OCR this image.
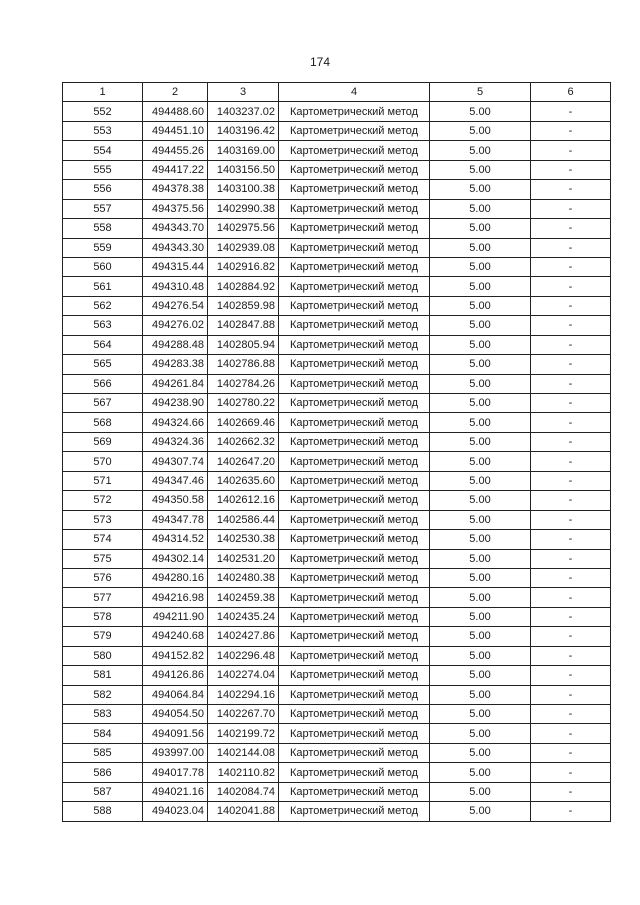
174
1	2	3	4	5	6
552	494488.60	1403237.02	Картометрический метод	5.00	-
553	494451.10	1403196.42	Картометрический метод	5.00	-
554	494455.26	1403169.00	Картометрический метод	5.00	-
555	494417.22	1403156.50	Картометрический метод	5.00	-
556	494378.38	1403100.38	Картометрический метод	5.00	-
557	494375.56	1402990.38	Картометрический метод	5.00	-
558	494343.70	1402975.56	Картометрический метод	5.00	-
559	494343.30	1402939.08	Картометрический метод	5.00	-
560	494315.44	1402916.82	Картометрический метод	5.00	-
561	494310.48	1402884.92	Картометрический метод	5.00	-
562	494276.54	1402859.98	Картометрический метод	5.00	-
563	494276.02	1402847.88	Картометрический метод	5.00	-
564	494288.48	1402805.94	Картометрический метод	5.00	-
565	494283.38	1402786.88	Картометрический метод	5.00	-
566	494261.84	1402784.26	Картометрический метод	5.00	-
567	494238.90	1402780.22	Картометрический метод	5.00	-
568	494324.66	1402669.46	Картометрический метод	5.00	-
569	494324.36	1402662.32	Картометрический метод	5.00	-
570	494307.74	1402647.20	Картометрический метод	5.00	-
571	494347.46	1402635.60	Картометрический метод	5.00	-
572	494350.58	1402612.16	Картометрический метод	5.00	-
573	494347.78	1402586.44	Картометрический метод	5.00	-
574	494314.52	1402530.38	Картометрический метод	5.00	-
575	494302.14	1402531.20	Картометрический метод	5.00	-
576	494280.16	1402480.38	Картометрический метод	5.00	-
577	494216.98	1402459.38	Картометрический метод	5.00	-
578	494211.90	1402435.24	Картометрический метод	5.00	-
579	494240.68	1402427.86	Картометрический метод	5.00	-
580	494152.82	1402296.48	Картометрический метод	5.00	-
581	494126.86	1402274.04	Картометрический метод	5.00	-
582	494064.84	1402294.16	Картометрический метод	5.00	-
583	494054.50	1402267.70	Картометрический метод	5.00	-
584	494091.56	1402199.72	Картометрический метод	5.00	-
585	493997.00	1402144.08	Картометрический метод	5.00	-
586	494017.78	1402110.82	Картометрический метод	5.00	-
587	494021.16	1402084.74	Картометрический метод	5.00	-
588	494023.04	1402041.88	Картометрический метод	5.00	-
